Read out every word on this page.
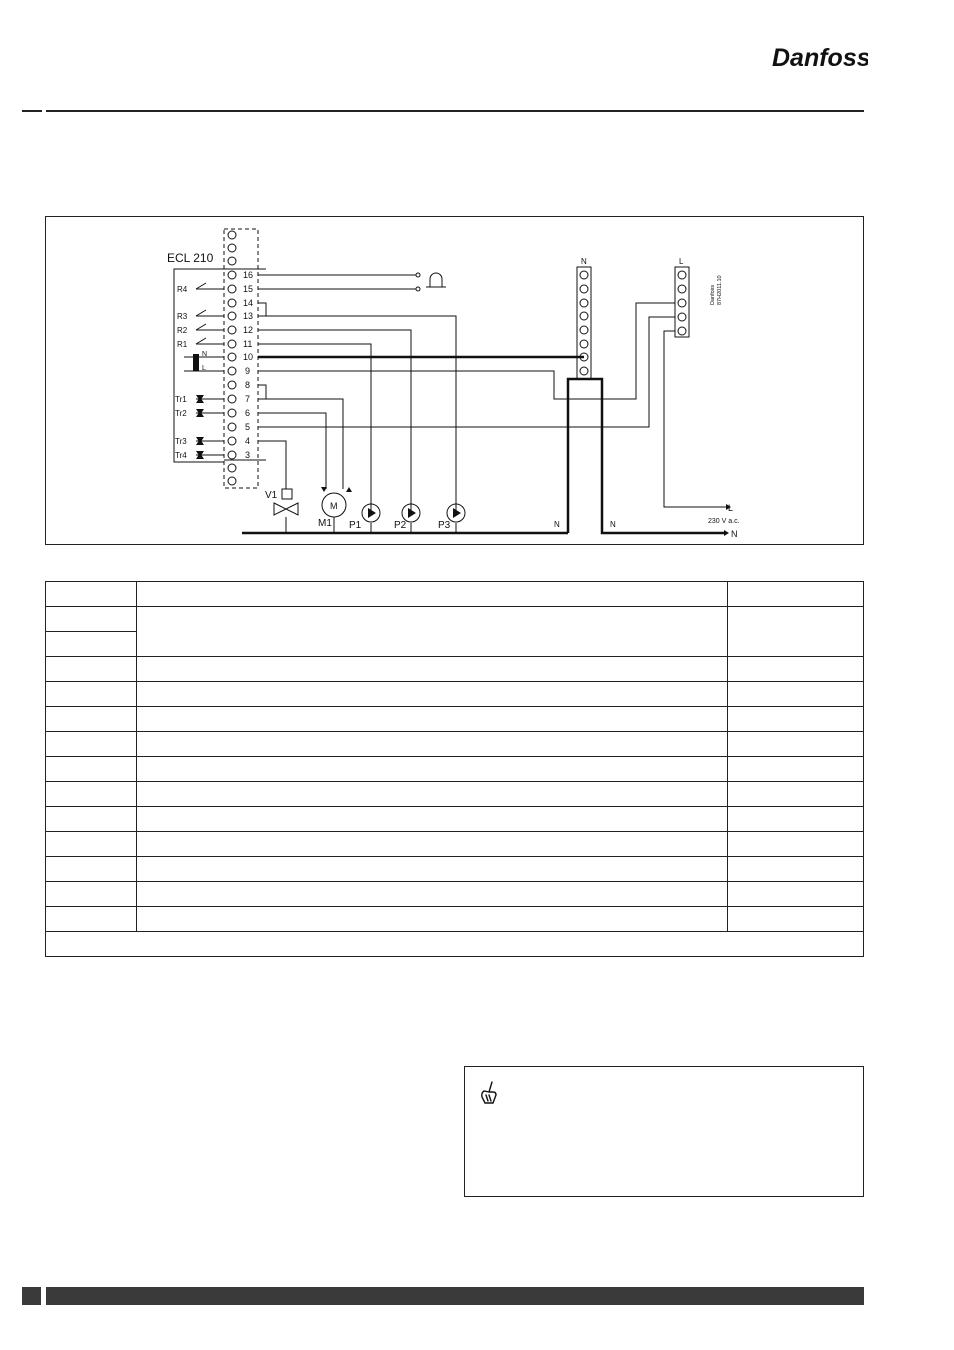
Danfoss
ECL 210
16
15
14
13
12
11
10
9
8
7
6
5
4
3
R4
R3
R2
R1
Tr1
Tr2
Tr3
Tr4
N
L
N	L
V1
M
M1 P1	P2	P3	N	N
L
N
230 V a.c.
Danfoss 87H2011.10
